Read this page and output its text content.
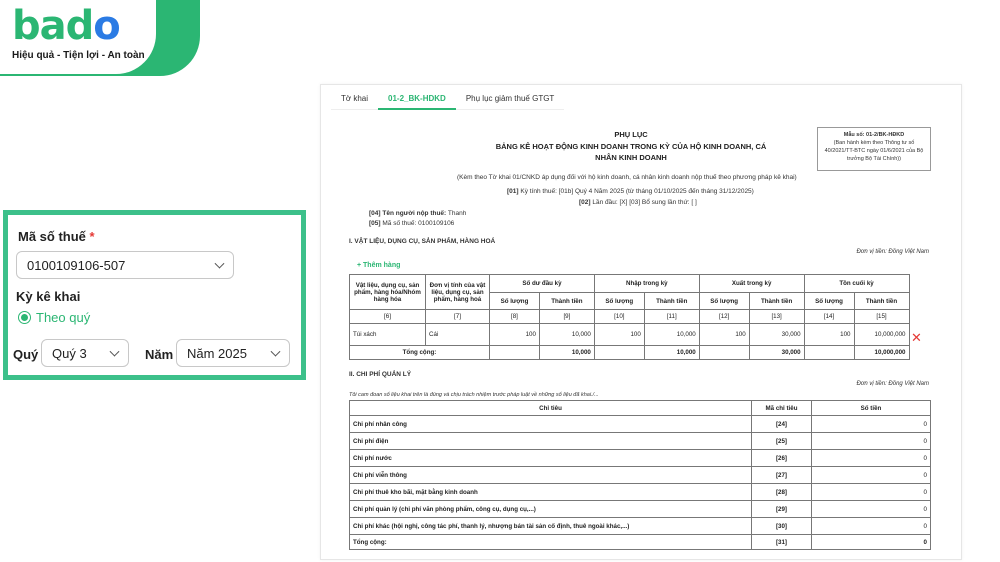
bado
Hiệu quả - Tiện lợi - An toàn
Mã số thuế *
0100109106-507
Kỳ kê khai
Theo quý
Quý Quý 3	Năm Năm 2025
Tờ khai	01-2_BK-HDKD	Phụ lục giảm thuế GTGT
PHỤ LỤC
BẢNG KÊ HOẠT ĐỘNG KINH DOANH TRONG KỲ CỦA HỘ KINH DOANH, CÁ
NHÂN KINH DOANH
Mẫu số: 01-2/BK-HĐKD
(Ban hành kèm theo Thông tư số 40/2021/TT-BTC ngày 01/6/2021 của Bộ trưởng Bộ Tài Chính))
(Kèm theo Tờ khai 01/CNKD áp dụng đối với hộ kinh doanh, cá nhân kinh doanh nộp thuế theo phương pháp kê khai)
[01] Kỳ tính thuế: [01b] Quý 4 Năm 2025 (từ tháng 01/10/2025 đến tháng 31/12/2025)
[02] Lần đầu: [X] [03] Bổ sung lần thứ: [ ]
[04] Tên người nộp thuế: Thanh
[05] Mã số thuế: 0100109106
I. VẬT LIỆU, DỤNG CỤ, SẢN PHẨM, HÀNG HOÁ
Đơn vị tiền: Đồng Việt Nam
+ Thêm hàng
Vật liệu, dụng cụ, sản phẩm, hàng hóa/Nhóm hàng hóa	Đơn vị tính của vật liệu, dụng cụ, sản phẩm, hàng hoá	Số dư đầu kỳ		Nhập trong kỳ		Xuất trong kỳ		Tồn cuối kỳ		
		Số lượng	Thành tiền	Số lượng	Thành tiền	Số lượng	Thành tiền	Số lượng	Thành tiền	
[6]	[7]	[8]	[9]	[10]	[11]	[12]	[13]	[14]	[15]	
Túi xách	Cái	100	10,000	100	10,000	100	30,000	100	10,000,000	
Tổng cộng:			10,000		10,000		30,000		10,000,000	
✕
II. CHI PHÍ QUẢN LÝ
Đơn vị tiền: Đồng Việt Nam
Tôi cam đoan số liệu khai trên là đúng và chịu trách nhiệm trước pháp luật về những số liệu đã khai./...
Chỉ tiêu	Mã chỉ tiêu	Số tiền
Chi phí nhân công	[24]	0
Chi phí điện	[25]	0
Chi phí nước	[26]	0
Chi phí viễn thông	[27]	0
Chi phí thuê kho bãi, mặt bằng kinh doanh	[28]	0
Chi phí quản lý (chi phí văn phòng phẩm, công cụ, dụng cụ,...)	[29]	0
Chi phí khác (hội nghị, công tác phí, thanh lý, nhượng bán tài sản cố định, thuê ngoài khác,...)	[30]	0
Tổng cộng:	[31]	0
